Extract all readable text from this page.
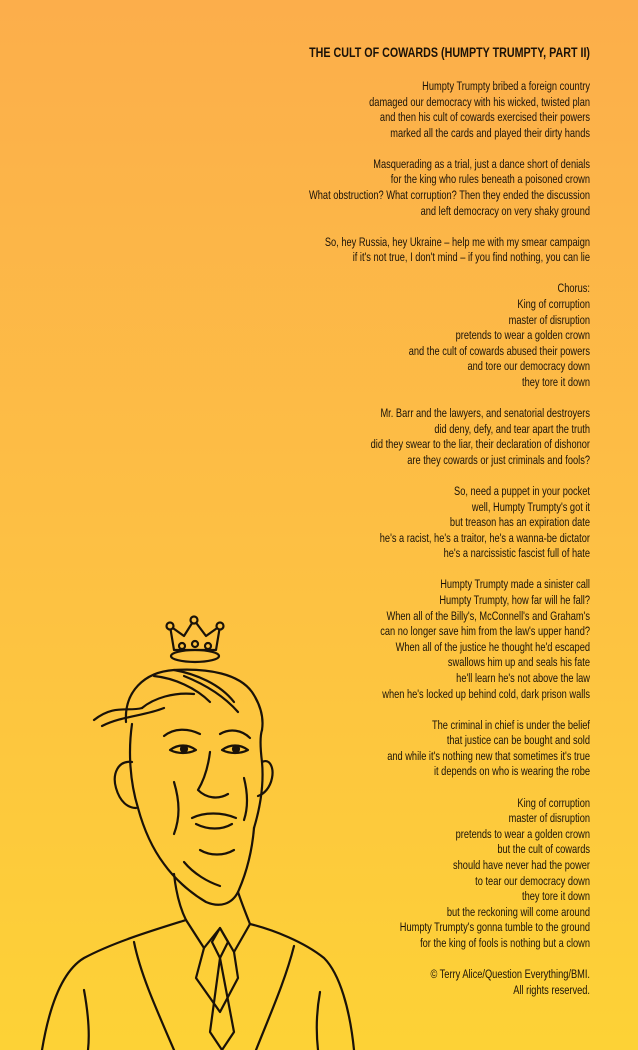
THE CULT OF COWARDS (HUMPTY TRUMPTY, PART II)
Humpty Trumpty bribed a foreign country
damaged our democracy with his wicked, twisted plan
and then his cult of cowards exercised their powers
marked all the cards and played their dirty hands
Masquerading as a trial, just a dance short of denials
for the king who rules beneath a poisoned crown
What obstruction? What corruption? Then they ended the discussion
and left democracy on very shaky ground
So, hey Russia, hey Ukraine – help me with my smear campaign
if it's not true, I don't mind – if you find nothing, you can lie
Chorus:
King of corruption
master of disruption
pretends to wear a golden crown
and the cult of cowards abused their powers
and tore our democracy down
they tore it down
Mr. Barr and the lawyers, and senatorial destroyers
did deny, defy, and tear apart the truth
did they swear to the liar, their declaration of dishonor
are they cowards or just criminals and fools?
So, need a puppet in your pocket
well, Humpty Trumpty's got it
but treason has an expiration date
he's a racist, he's a traitor, he's a wanna-be dictator
he's a narcissistic fascist full of hate
Humpty Trumpty made a sinister call
Humpty Trumpty, how far will he fall?
When all of the Billy's, McConnell's and Graham's
can no longer save him from the law's upper hand?
When all of the justice he thought he'd escaped
swallows him up and seals his fate
he'll learn he's not above the law
when he's locked up behind cold, dark prison walls
The criminal in chief is under the belief
that justice can be bought and sold
and while it's nothing new that sometimes it's true
it depends on who is wearing the robe
King of corruption
master of disruption
pretends to wear a golden crown
but the cult of cowards
should have never had the power
to tear our democracy down
they tore it down
but the reckoning will come around
Humpty Trumpty's gonna tumble to the ground
for the king of fools is nothing but a clown
© Terry Alice/Question Everything/BMI.
All rights reserved.
